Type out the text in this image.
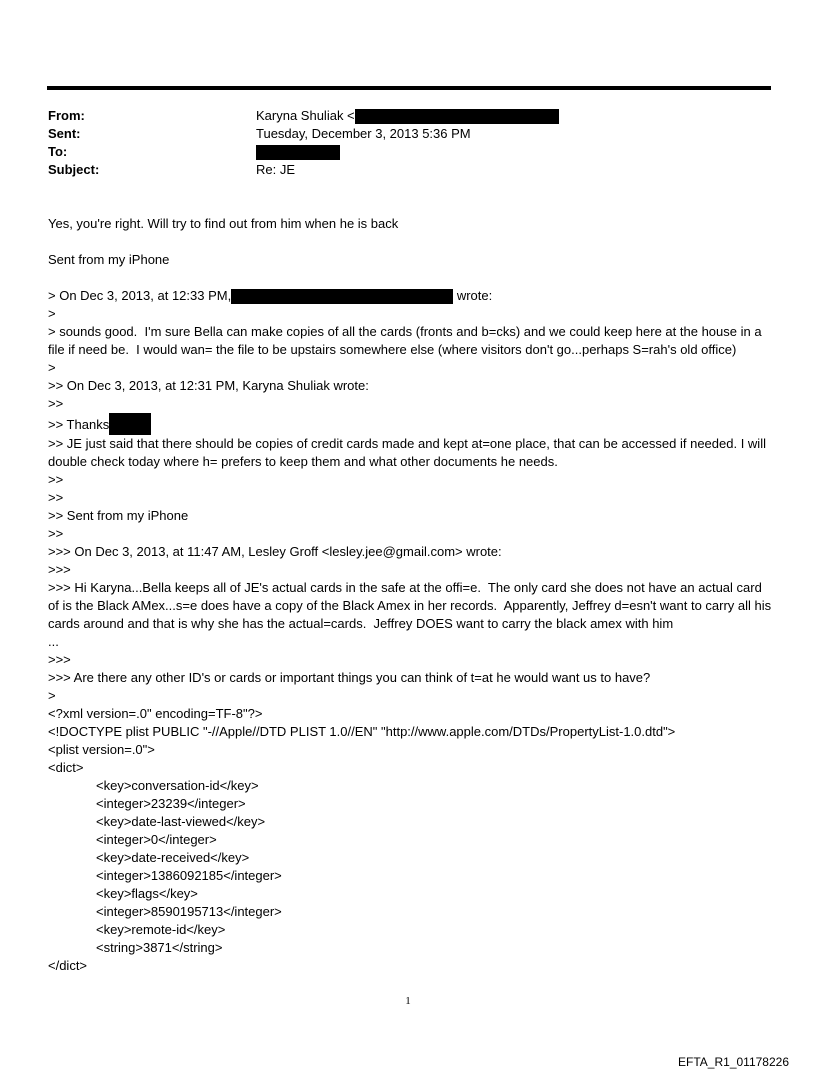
From:	Karyna Shuliak <
Sent:	Tuesday, December 3, 2013 5:36 PM
To:
Subject:	Re: JE
Yes, you're right. Will try to find out from him when he is back
Sent from my iPhone
> On Dec 3, 2013, at 12:33 PM,	wrote:
>
> sounds good.  I'm sure Bella can make copies of all the cards (fronts and b=cks) and we could keep here at the house in a file if need be.  I would wan= the file to be upstairs somewhere else (where visitors don't go...perhaps S=rah's old office)
>
>> On Dec 3, 2013, at 12:31 PM, Karyna Shuliak wrote:
>>
>> Thanks
>> JE just said that there should be copies of credit cards made and kept at=one place, that can be accessed if needed. I will double check today where h= prefers to keep them and what other documents he needs.
>>
>>
>> Sent from my iPhone
>>
>>> On Dec 3, 2013, at 11:47 AM, Lesley Groff <lesley.jee@gmail.com> wrote:
>>>
>>> Hi Karyna...Bella keeps all of JE's actual cards in the safe at the offi=e.  The only card she does not have an actual card of is the Black AMex...s=e does have a copy of the Black Amex in her records.  Apparently, Jeffrey d=esn't want to carry all his cards around and that is why she has the actual=cards.  Jeffrey DOES want to carry the black amex with him
...
>>>
>>> Are there any other ID's or cards or important things you can think of t=at he would want us to have?
>
<?xml version=.0" encoding=TF-8"?>
<!DOCTYPE plist PUBLIC "-//Apple//DTD PLIST 1.0//EN" "http://www.apple.com/DTDs/PropertyList-1.0.dtd">
<plist version=.0">
<dict>
<key>conversation-id</key>
<integer>23239</integer>
<key>date-last-viewed</key>
<integer>0</integer>
<key>date-received</key>
<integer>1386092185</integer>
<key>flags</key>
<integer>8590195713</integer>
<key>remote-id</key>
<string>3871</string>
</dict>
1
EFTA_R1_01178226
